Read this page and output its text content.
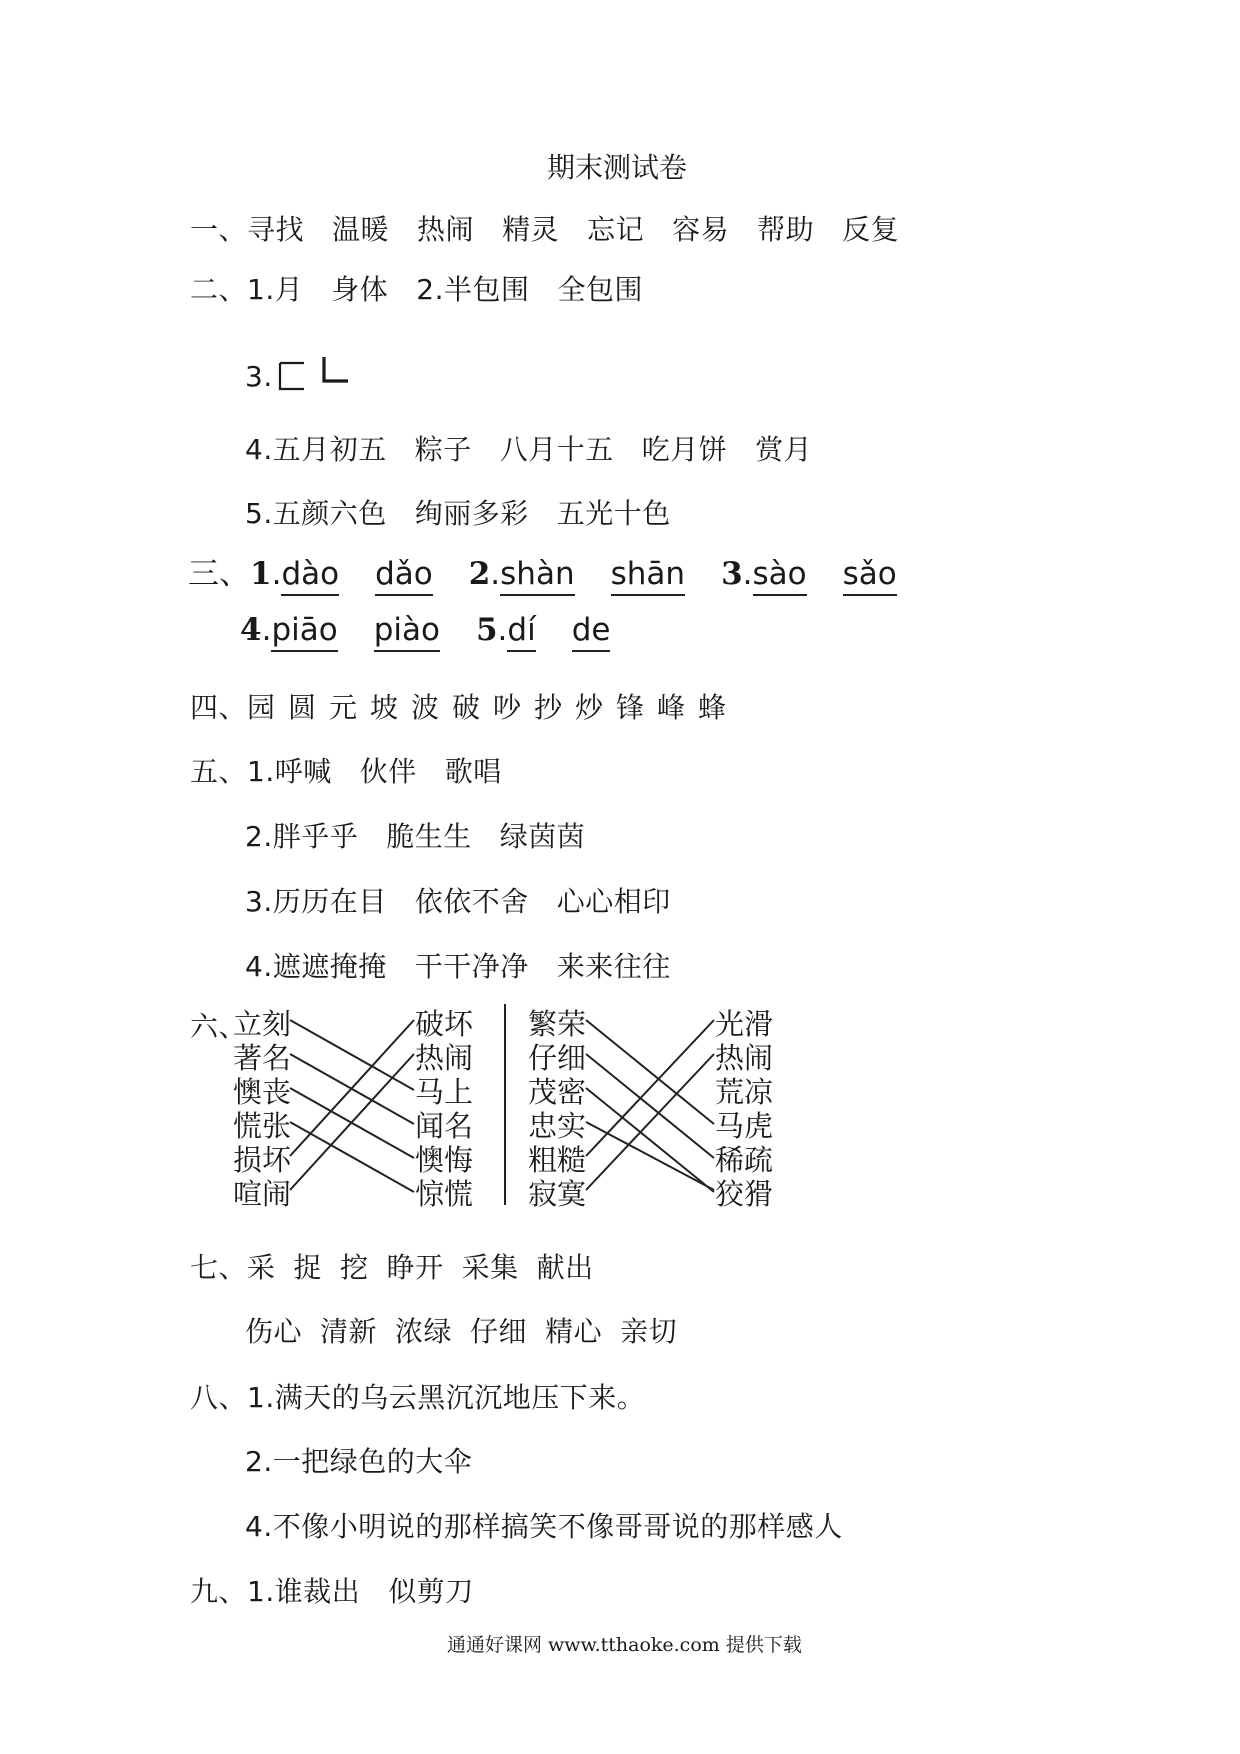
期末测试卷
一、寻找 温暖 热闹 精灵 忘记 容易 帮助 反复
二、1.月 身体 2.半包围 全包围
3.
4.五月初五 粽子 八月十五 吃月饼 赏月
5.五颜六色 绚丽多彩 五光十色
三、1.dào dǎo 2.shàn shān 3.sào sǎo
4.piāo piào 5.dí de
四、园圆元坡波破吵抄炒锋峰蜂
五、1.呼喊 伙伴 歌唱
2.胖乎乎 脆生生 绿茵茵
3.历历在目 依依不舍 心心相印
4.遮遮掩掩 干干净净 来来往往
六、
立刻
著名
懊丧
慌张
损坏
喧闹
破坏
热闹
马上
闻名
懊悔
惊慌
繁荣
仔细
茂密
忠实
粗糙
寂寞
光滑
热闹
荒凉
马虎
稀疏
狡猾
七、采 捉 挖 睁开 采集 献出
伤心 清新 浓绿 仔细 精心 亲切
八、1.满天的乌云黑沉沉地压下来。
2.一把绿色的大伞
4.不像小明说的那样搞笑不像哥哥说的那样感人
九、1.谁裁出 似剪刀
通通好课网 www.tthaoke.com 提供下载
